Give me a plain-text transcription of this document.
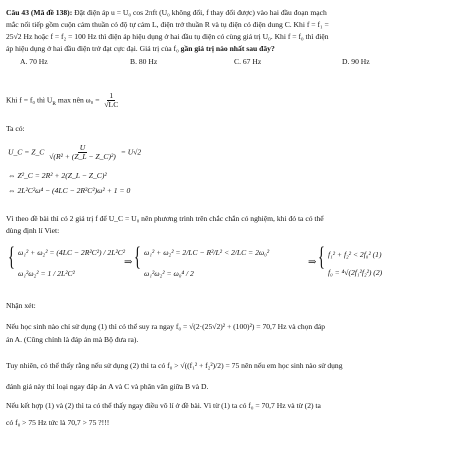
Câu 43 (Mã đề 138): Đặt điện áp u = U₀ cos 2πft (U₀ không đổi, f thay đổi được) vào hai đầu đoạn mạch
mắc nối tiếp gồm cuộn cảm thuần có độ tự cảm L, điện trở thuần R và tụ điện có điện dung C. Khi f = f₁ =
25√2 Hz hoặc f = f₂ = 100 Hz thì điện áp hiệu dụng ở hai đầu tụ điện có cùng giá trị U₀. Khi f = f₀ thì điện
áp hiệu dụng ở hai đầu điện trở đạt cực đại. Giá trị của f₀ gần giá trị nào nhất sau đây?
A. 70 Hz	B. 80 Hz	C. 67 Hz	D. 90 Hz
Khi f = f₀ thì $U_R$ max nên $\omega_0 = \frac{1}{√LC}$
Ta có:
U_C = Z_C $\frac{U}{\text{√(R² + (Z\_L − Z\_C)²)}} = U√2$
⇔ Z²_C = 2R² + 2(Z_L − Z_C)²
⇔ 2L²C²ω⁴ − (4LC − 2R²C²)ω² + 1 = 0
Vì theo đề bài thì có 2 giá trị f để U_C = U₀ nên phương trình trên chắc chắn có nghiệm, khi đó ta có thể
dùng định lí Viet:
{ ω₁² + ω₂² = (4LC − 2R²C²) / 2L²C²
ω₁²ω₂² = 1 / 2L²C²
⇒ { ω₁² + ω₂² = 2/LC − R²/L² < 2/LC = 2ω₀²
ω₁²ω₂² = ω₀⁴ / 2
⇒ { f₁² + f₂² < 2f₀² (1)
f₀ = ⁴√(2f₁²f₂²) (2)
Nhận xét:
Nếu học sinh nào chỉ sử dụng (1) thì có thể suy ra ngay f₀ = √(2·(25√2)² + (100)²) = 70,7 Hz và chọn đáp
án A. (Cũng chính là đáp án mà Bộ đưa ra).
Tuy nhiên, có thể thấy rằng nếu sử dụng (2) thì ta có f₀ > √((f₁² + f₂²)/2) = 75 nên nếu em học sinh nào sử dụng
đánh giá này thì loại ngay đáp án A và C và phân vân giữa B và D.
Nếu kết hợp (1) và (2) thì ta có thể thấy ngay điều vô lí ở đề bài. Vì từ (1) ta có f₀ = 70,7 Hz và từ (2) ta
có f₀ > 75 Hz tức là 70,7 > 75 ?!!!
